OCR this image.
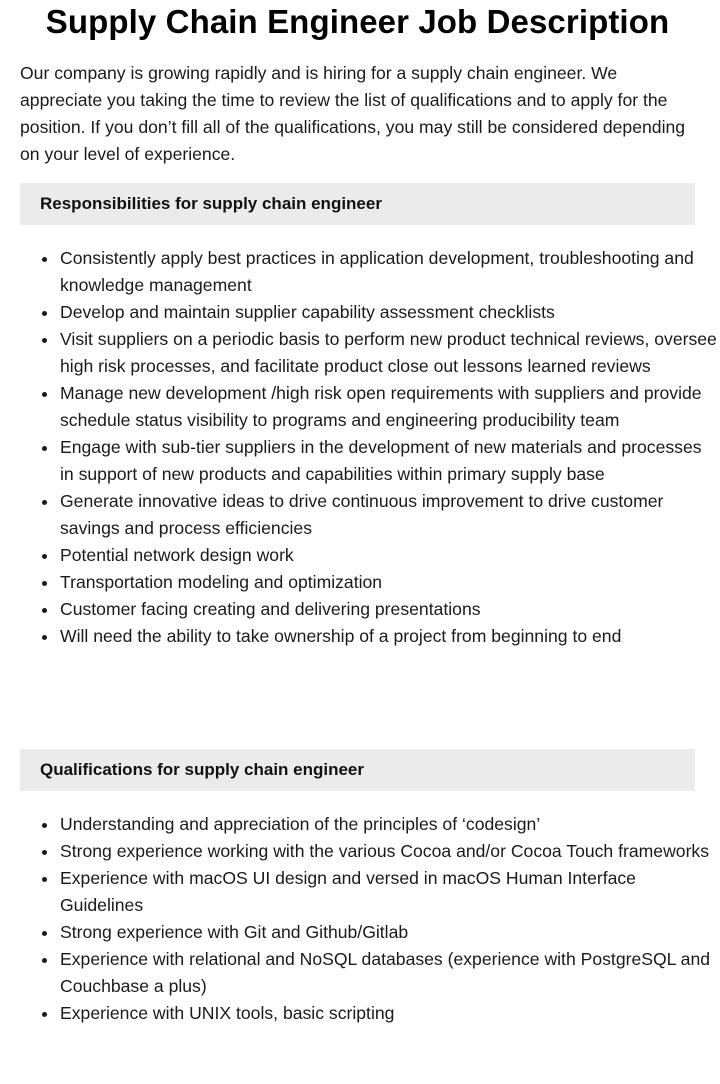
Supply Chain Engineer Job Description

Our company is growing rapidly and is hiring for a supply chain engineer. We appreciate you taking the time to review the list of qualifications and to apply for the position. If you don’t fill all of the qualifications, you may still be considered depending on your level of experience.

Responsibilities for supply chain engineer
Consistently apply best practices in application development, troubleshooting and knowledge management
Develop and maintain supplier capability assessment checklists
Visit suppliers on a periodic basis to perform new product technical reviews, oversee high risk processes, and facilitate product close out lessons learned reviews
Manage new development /high risk open requirements with suppliers and provide schedule status visibility to programs and engineering producibility team
Engage with sub-tier suppliers in the development of new materials and processes in support of new products and capabilities within primary supply base
Generate innovative ideas to drive continuous improvement to drive customer savings and process efficiencies
Potential network design work
Transportation modeling and optimization
Customer facing creating and delivering presentations
Will need the ability to take ownership of a project from beginning to end
Qualifications for supply chain engineer
Understanding and appreciation of the principles of ‘codesign’
Strong experience working with the various Cocoa and/or Cocoa Touch frameworks
Experience with macOS UI design and versed in macOS Human Interface Guidelines
Strong experience with Git and Github/Gitlab
Experience with relational and NoSQL databases (experience with PostgreSQL and Couchbase a plus)
Experience with UNIX tools, basic scripting
